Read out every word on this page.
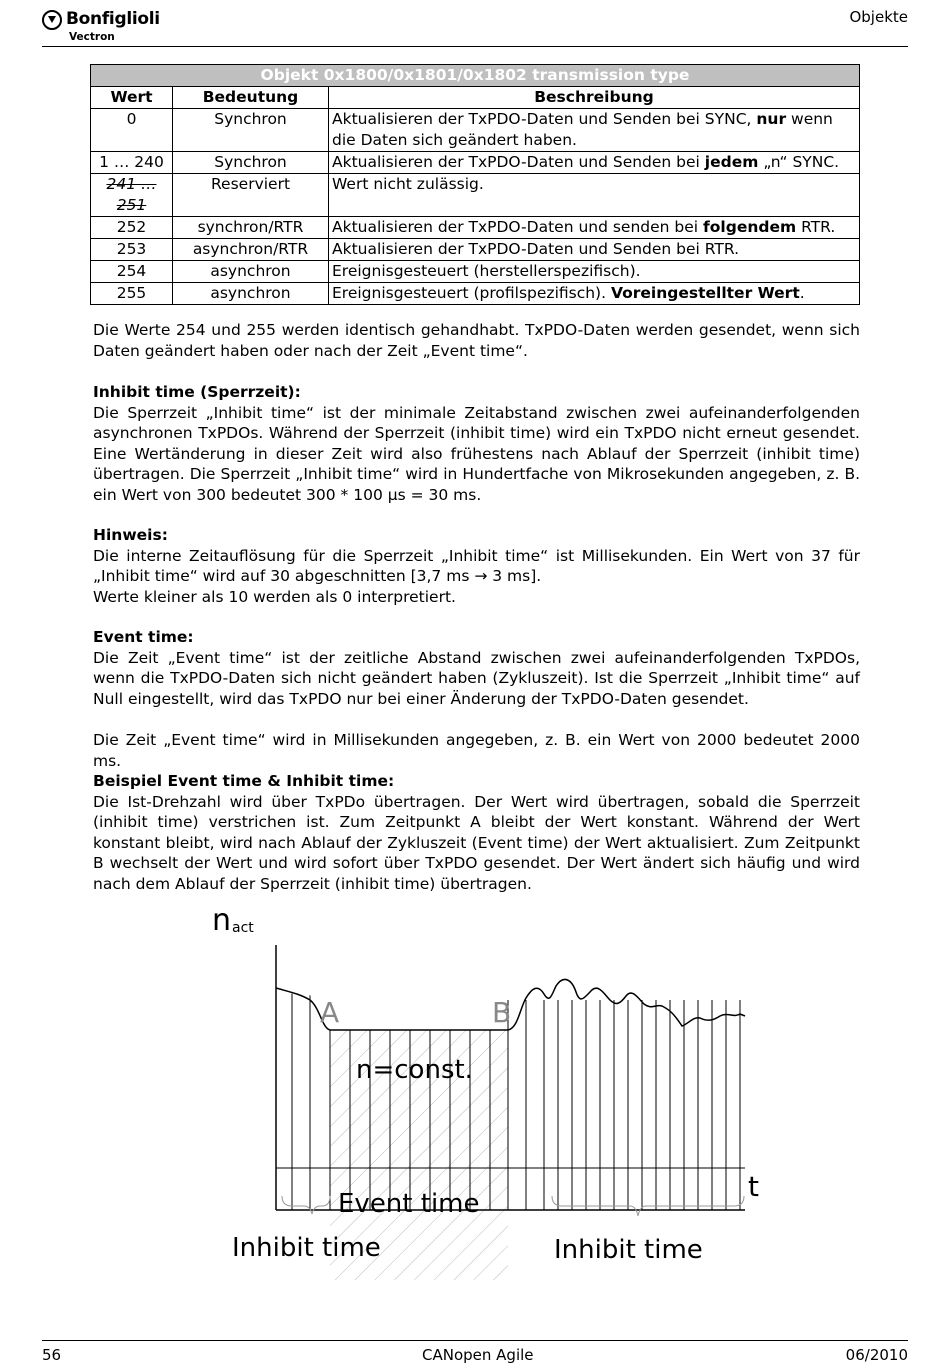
Bonfiglioli
Vectron
Objekte
Objekt 0x1800/0x1801/0x1802 transmission type		
Wert	Bedeutung	Beschreibung
0	Synchron	Aktualisieren der TxPDO-Daten und Senden bei SYNC, nur wenn die Daten sich geändert haben.
1 … 240	Synchron	Aktualisieren der TxPDO-Daten und Senden bei jedem „n“ SYNC.
241 … 251	Reserviert	Wert nicht zulässig.
252	synchron/RTR	Aktualisieren der TxPDO-Daten und senden bei folgendem RTR.
253	asynchron/RTR	Aktualisieren der TxPDO-Daten und Senden bei RTR.
254	asynchron	Ereignisgesteuert (herstellerspezifisch).
255	asynchron	Ereignisgesteuert (profilspezifisch). Voreingestellter Wert.

Die Werte 254 und 255 werden identisch gehandhabt. TxPDO-Daten werden gesendet, wenn sich Daten geändert haben oder nach der Zeit „Event time“.

Inhibit time (Sperrzeit):

Die Sperrzeit „Inhibit time“ ist der minimale Zeitabstand zwischen zwei aufeinanderfolgenden asynchronen TxPDOs. Während der Sperrzeit (inhibit time) wird ein TxPDO nicht erneut gesendet. Eine Wertänderung in dieser Zeit wird also frühestens nach Ablauf der Sperrzeit (inhibit time) übertragen. Die Sperrzeit „Inhibit time“ wird in Hundertfache von Mikrosekunden angegeben, z. B. ein Wert von 300 bedeutet 300 * 100 µs = 30 ms.

Hinweis:

Die interne Zeitauflösung für die Sperrzeit „Inhibit time“ ist Millisekunden. Ein Wert von 37 für „Inhibit time“ wird auf 30 abgeschnitten [3,7 ms → 3 ms].

Werte kleiner als 10 werden als 0 interpretiert.

Event time:

Die Zeit „Event time“ ist der zeitliche Abstand zwischen zwei aufeinanderfolgenden TxPDOs, wenn die TxPDO-Daten sich nicht geändert haben (Zykluszeit). Ist die Sperrzeit „Inhibit time“ auf Null eingestellt, wird das TxPDO nur bei einer Änderung der TxPDO-Daten gesendet.

Die Zeit „Event time“ wird in Millisekunden angegeben, z. B. ein Wert von 2000 bedeutet 2000 ms.

Beispiel Event time & Inhibit time:

Die Ist-Drehzahl wird über TxPDo übertragen. Der Wert wird übertragen, sobald die Sperrzeit (inhibit time) verstrichen ist. Zum Zeitpunkt A bleibt der Wert konstant. Während der Wert konstant bleibt, wird nach Ablauf der Zykluszeit (Event time) der Wert aktualisiert. Zum Zeitpunkt B wechselt der Wert und wird sofort über TxPDO gesendet. Der Wert ändert sich häufig und wird nach dem Ablauf der Sperrzeit (inhibit time) übertragen.

n act
t
A	B
n=const.
Event time
Inhibit time	Inhibit time
56	CANopen Agile	06/2010
